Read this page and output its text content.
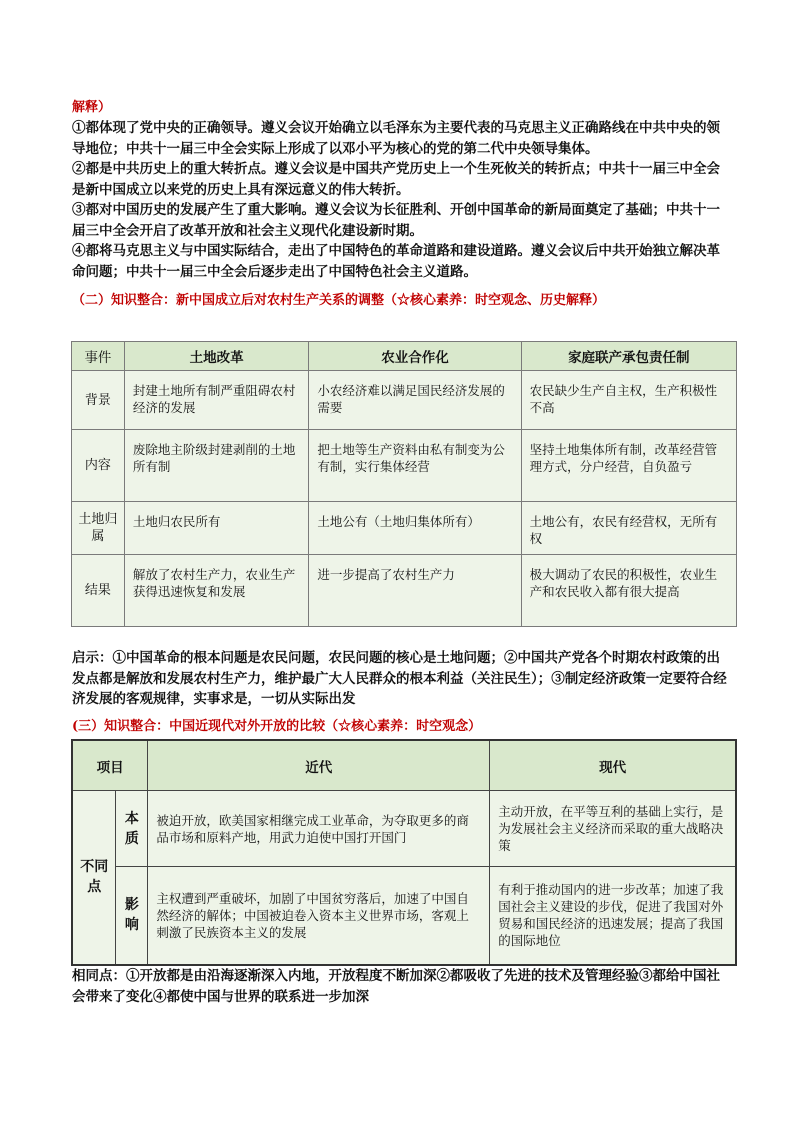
解释）
①都体现了党中央的正确领导。遵义会议开始确立以毛泽东为主要代表的马克思主义正确路线在中共中央的领导地位；中共十一届三中全会实际上形成了以邓小平为核心的党的第二代中央领导集体。
②都是中共历史上的重大转折点。遵义会议是中国共产党历史上一个生死攸关的转折点；中共十一届三中全会是新中国成立以来党的历史上具有深远意义的伟大转折。
③都对中国历史的发展产生了重大影响。遵义会议为长征胜利、开创中国革命的新局面奠定了基础；中共十一届三中全会开启了改革开放和社会主义现代化建设新时期。
④都将马克思主义与中国实际结合，走出了中国特色的革命道路和建设道路。遵义会议后中共开始独立解决革命问题；中共十一届三中全会后逐步走出了中国特色社会主义道路。
（二）知识整合：新中国成立后对农村生产关系的调整（☆核心素养：时空观念、历史解释）
事件	土地改革	农业合作化	家庭联产承包责任制
背景	封建土地所有制严重阻碍农村经济的发展	小农经济难以满足国民经济发展的需要	农民缺少生产自主权，生产积极性不高
内容	废除地主阶级封建剥削的土地所有制	把土地等生产资料由私有制变为公有制，实行集体经营	坚持土地集体所有制，改革经营管理方式，分户经营，自负盈亏
土地归属	土地归农民所有	土地公有（土地归集体所有）	土地公有，农民有经营权，无所有权
结果	解放了农村生产力，农业生产获得迅速恢复和发展	进一步提高了农村生产力	极大调动了农民的积极性，农业生产和农民收入都有很大提高
启示：①中国革命的根本问题是农民问题，农民问题的核心是土地问题；②中国共产党各个时期农村政策的出发点都是解放和发展农村生产力，维护最广大人民群众的根本利益（关注民生）；③制定经济政策一定要符合经济发展的客观规律，实事求是，一切从实际出发
(三）知识整合：中国近现代对外开放的比较（☆核心素养：时空观念）
项目		近代	现代
不同点	本质	被迫开放，欧美国家相继完成工业革命，为夺取更多的商品市场和原料产地，用武力迫使中国打开国门	主动开放，在平等互利的基础上实行，是为发展社会主义经济而采取的重大战略决策
	影响	主权遭到严重破坏，加剧了中国贫穷落后，加速了中国自然经济的解体；中国被迫卷入资本主义世界市场，客观上刺激了民族资本主义的发展	有利于推动国内的进一步改革；加速了我国社会主义建设的步伐，促进了我国对外贸易和国民经济的迅速发展；提高了我国的国际地位
相同点：①开放都是由沿海逐渐深入内地，开放程度不断加深②都吸收了先进的技术及管理经验③都给中国社会带来了变化④都使中国与世界的联系进一步加深
